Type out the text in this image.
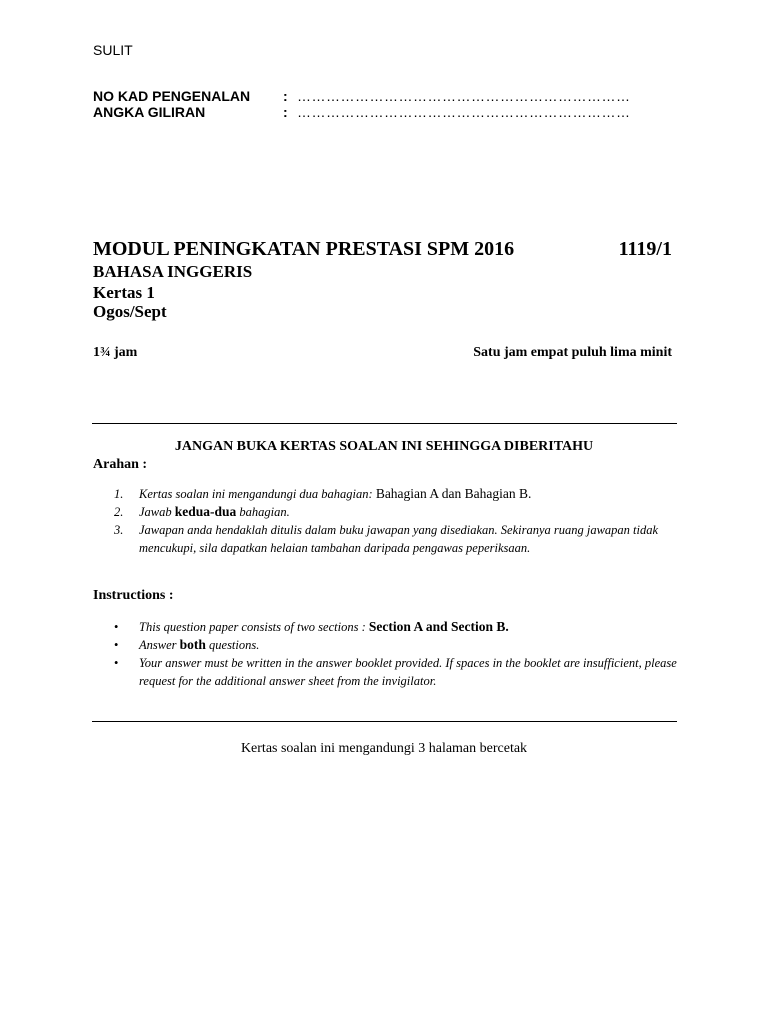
SULIT
NO KAD PENGENALAN : ……………………………………………………………
ANGKA GILIRAN	: ……………………………………………………………
MODUL PENINGKATAN PRESTASI SPM 2016	1119/1
BAHASA INGGERIS
Kertas 1
Ogos/Sept
1¾ jam	Satu jam empat puluh lima minit
JANGAN BUKA KERTAS SOALAN INI SEHINGGA DIBERITAHU
Arahan :
1. Kertas soalan ini mengandungi dua bahagian: Bahagian A dan Bahagian B.
2. Jawab kedua-dua bahagian.
3. Jawapan anda hendaklah ditulis dalam buku jawapan yang disediakan. Sekiranya ruang jawapan tidak mencukupi, sila dapatkan helaian tambahan daripada pengawas peperiksaan.
Instructions :
• This question paper consists of two sections : Section A and Section B.
• Answer both questions.
• Your answer must be written in the answer booklet provided. If spaces in the booklet are insufficient, please request for the additional answer sheet from the invigilator.
Kertas soalan ini mengandungi 3 halaman bercetak
